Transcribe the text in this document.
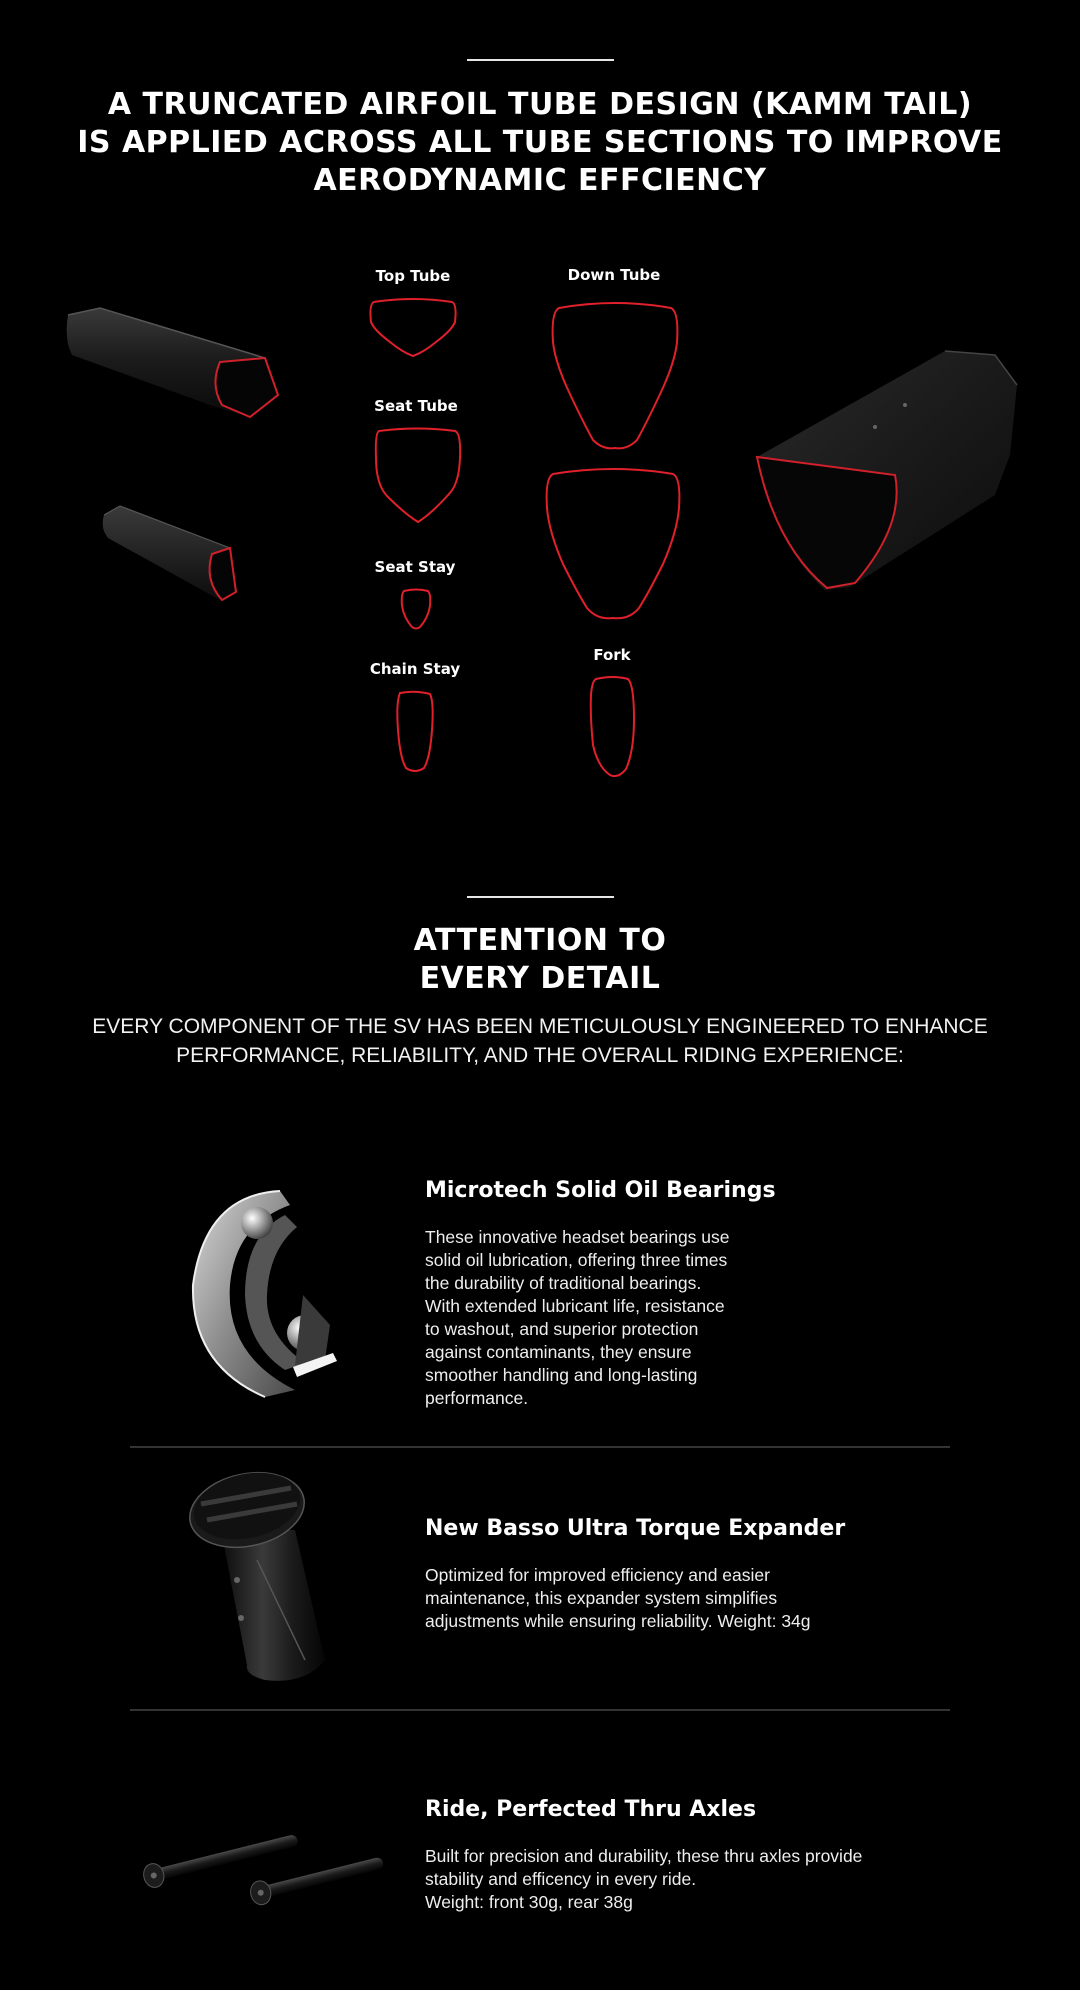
A TRUNCATED AIRFOIL TUBE DESIGN (KAMM TAIL)
IS APPLIED ACROSS ALL TUBE SECTIONS TO IMPROVE
AERODYNAMIC EFFCIENCY
Top Tube
Seat Tube
Seat Stay
Chain Stay
Down Tube
Fork
ATTENTION TO
EVERY DETAIL

EVERY COMPONENT OF THE SV HAS BEEN METICULOUSLY ENGINEERED TO ENHANCE
PERFORMANCE, RELIABILITY, AND THE OVERALL RIDING EXPERIENCE:

Microtech Solid Oil Bearings

These innovative headset bearings use
solid oil lubrication, offering three times
the durability of traditional bearings.
With extended lubricant life, resistance
to washout, and superior protection
against contaminants, they ensure
smoother handling and long-lasting
performance.

New Basso Ultra Torque Expander

Optimized for improved efficiency and easier
maintenance, this expander system simplifies
adjustments while ensuring reliability. Weight: 34g

Ride, Perfected Thru Axles

Built for precision and durability, these thru axles provide
stability and efficency in every ride.
Weight: front 30g, rear 38g
